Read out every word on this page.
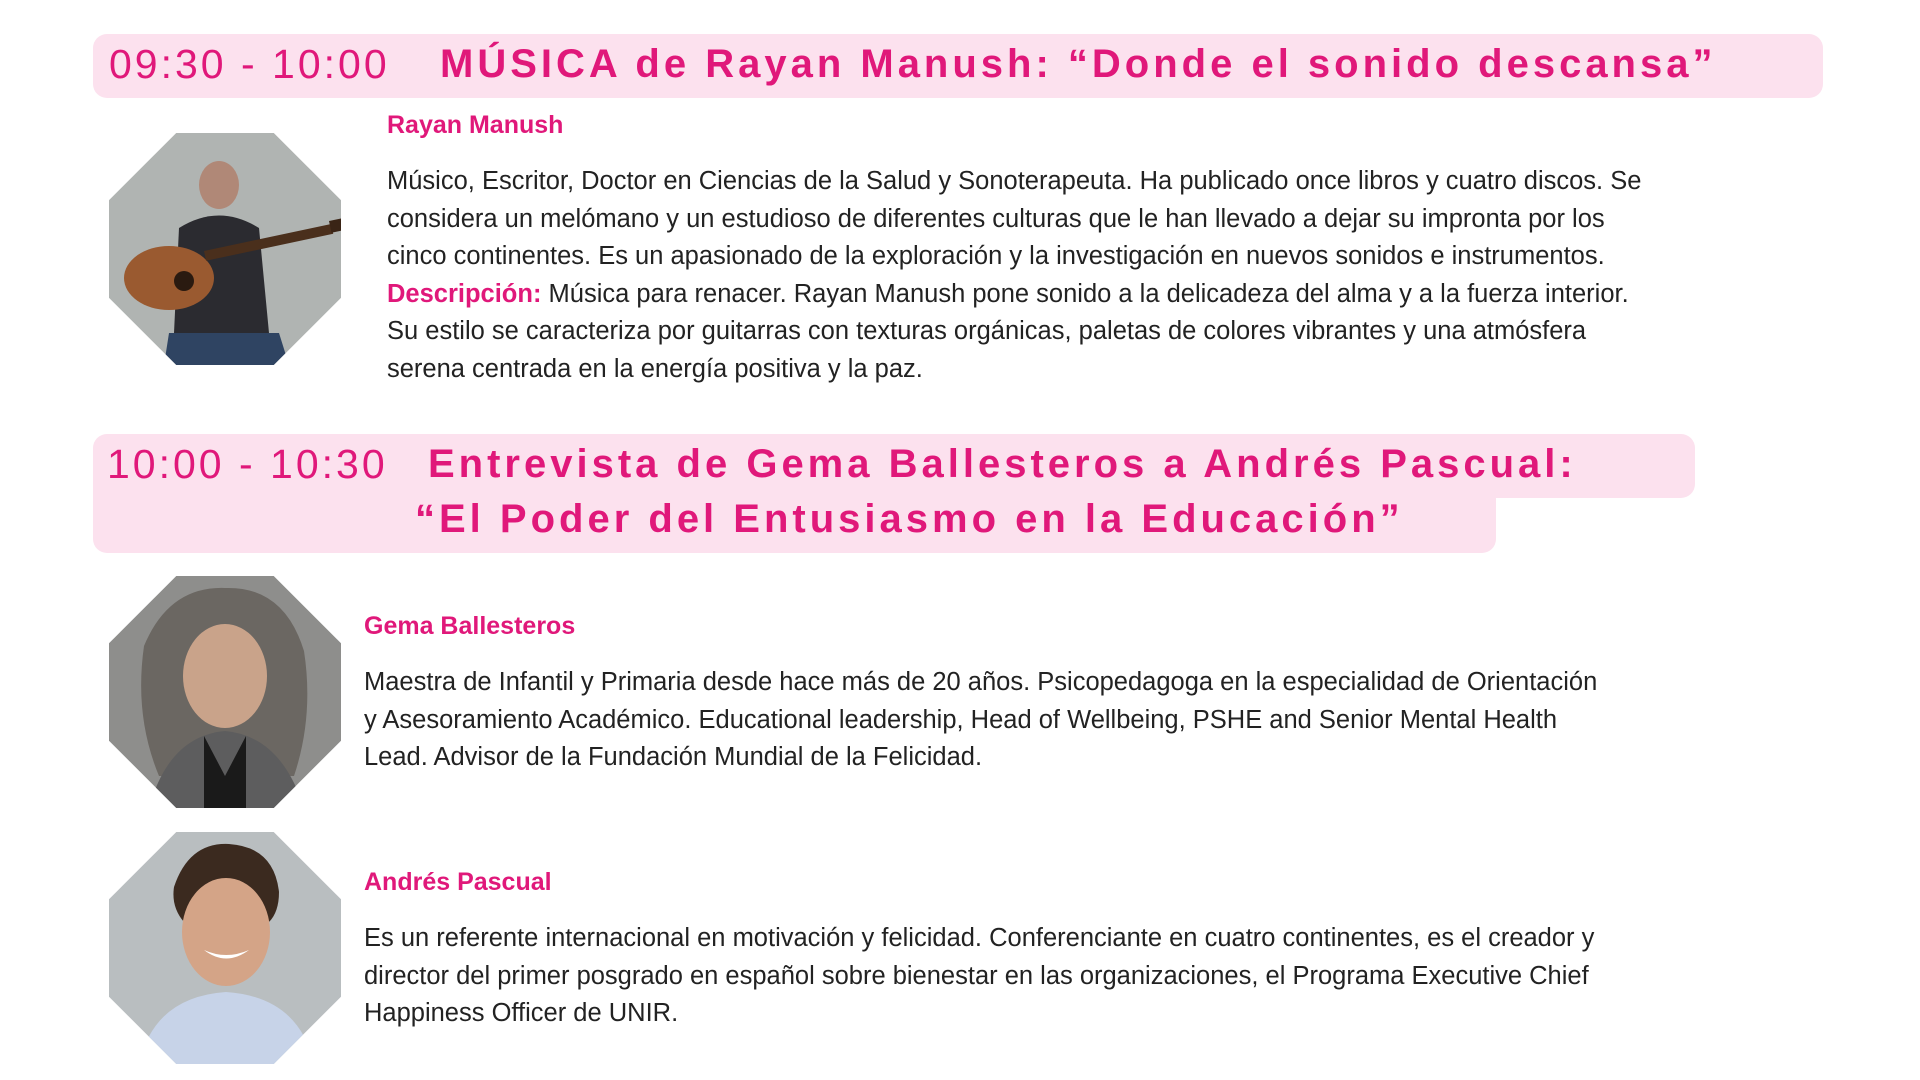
09:30 - 10:00 MÚSICA de Rayan Manush: “Donde el sonido descansa”
Rayan Manush
Músico, Escritor, Doctor en Ciencias de la Salud y Sonoterapeuta. Ha publicado once libros y cuatro discos. Se
considera un melómano y un estudioso de diferentes culturas que le han llevado a dejar su impronta por los
cinco continentes. Es un apasionado de la exploración y la investigación en nuevos sonidos e instrumentos.
Descripción: Música para renacer. Rayan Manush pone sonido a la delicadeza del alma y a la fuerza interior.
Su estilo se caracteriza por guitarras con texturas orgánicas, paletas de colores vibrantes y una atmósfera
serena centrada en la energía positiva y la paz.
10:00 - 10:30 Entrevista de Gema Ballesteros a Andrés Pascual:
“El Poder del Entusiasmo en la Educación”
Gema Ballesteros
Maestra de Infantil y Primaria desde hace más de 20 años. Psicopedagoga en la especialidad de Orientación
y Asesoramiento Académico. Educational leadership, Head of Wellbeing, PSHE and Senior Mental Health
Lead. Advisor de la Fundación Mundial de la Felicidad.
Andrés Pascual
Es un referente internacional en motivación y felicidad. Conferenciante en cuatro continentes, es el creador y
director del primer posgrado en español sobre bienestar en las organizaciones, el Programa Executive Chief
Happiness Officer de UNIR.
